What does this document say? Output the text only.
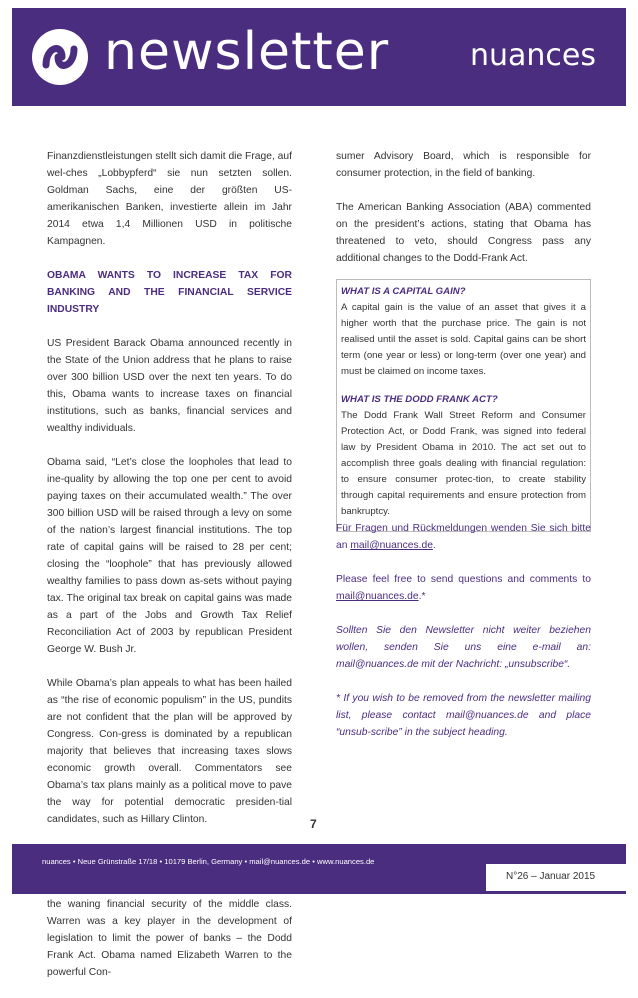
newsletter	nuances

Finanzdienstleistungen stellt sich damit die Frage, auf wel-ches „Lobbypferd“ sie nun setzten sollen. Goldman Sachs, eine der größten US-amerikanischen Banken, investierte allein im Jahr 2014 etwa 1,4 Millionen USD in politische Kampagnen.

OBAMA WANTS TO INCREASE TAX FOR BANKING AND THE FINANCIAL SERVICE INDUSTRY

US President Barack Obama announced recently in the State of the Union address that he plans to raise over 300 billion USD over the next ten years. To do this, Obama wants to increase taxes on financial institutions, such as banks, financial services and wealthy individuals.

Obama said, “Let’s close the loopholes that lead to ine-quality by allowing the top one per cent to avoid paying taxes on their accumulated wealth.” The over 300 billion USD will be raised through a levy on some of the nation’s largest financial institutions. The top rate of capital gains will be raised to 28 per cent; closing the “loophole” that has previously allowed wealthy families to pass down as-sets without paying tax. The original tax break on capital gains was made as a part of the Jobs and Growth Tax Relief Reconciliation Act of 2003 by republican President George W. Bush Jr.

While Obama’s plan appeals to what has been hailed as “the rise of economic populism” in the US, pundits are not confident that the plan will be approved by Congress. Con-gress is dominated by a republican majority that believes that increasing taxes slows economic growth overall. Commentators see Obama’s tax plans mainly as a political move to pave the way for potential democratic presiden-tial candidates, such as Hillary Clinton.

the waning financial security of the middle class. Warren was a key player in the development of legislation to limit the power of banks – the Dodd Frank Act. Obama named Elizabeth Warren to the powerful Con-

sumer Advisory Board, which is responsible for consumer protection, in the field of banking.

The American Banking Association (ABA) commented on the president’s actions, stating that Obama has threatened to veto, should Congress pass any additional changes to the Dodd-Frank Act.

WHAT IS A CAPITAL GAIN?

A capital gain is the value of an asset that gives it a higher worth that the purchase price. The gain is not realised until the asset is sold. Capital gains can be short term (one year or less) or long-term (over one year) and must be claimed on income taxes.

WHAT IS THE DODD FRANK ACT?

The Dodd Frank Wall Street Reform and Consumer Protection Act, or Dodd Frank, was signed into federal law by President Obama in 2010. The act set out to accomplish three goals dealing with financial regulation: to ensure consumer protec-tion, to create stability through capital requirements and ensure protection from bankruptcy.

Für Fragen und Rückmeldungen wenden Sie sich bitte an mail@nuances.de.

Please feel free to send questions and comments to mail@nuances.de.*

Sollten Sie den Newsletter nicht weiter beziehen wollen, senden Sie uns eine e-mail an: mail@nuances.de mit der Nachricht: „unsubscribe“.

* If you wish to be removed from the newsletter mailing list, please contact mail@nuances.de and place “unsub-scribe” in the subject heading.

7
nuances • Neue Grünstraße 17/18 • 10179 Berlin, Germany • mail@nuances.de • www.nuances.de
N°26 – Januar 2015
